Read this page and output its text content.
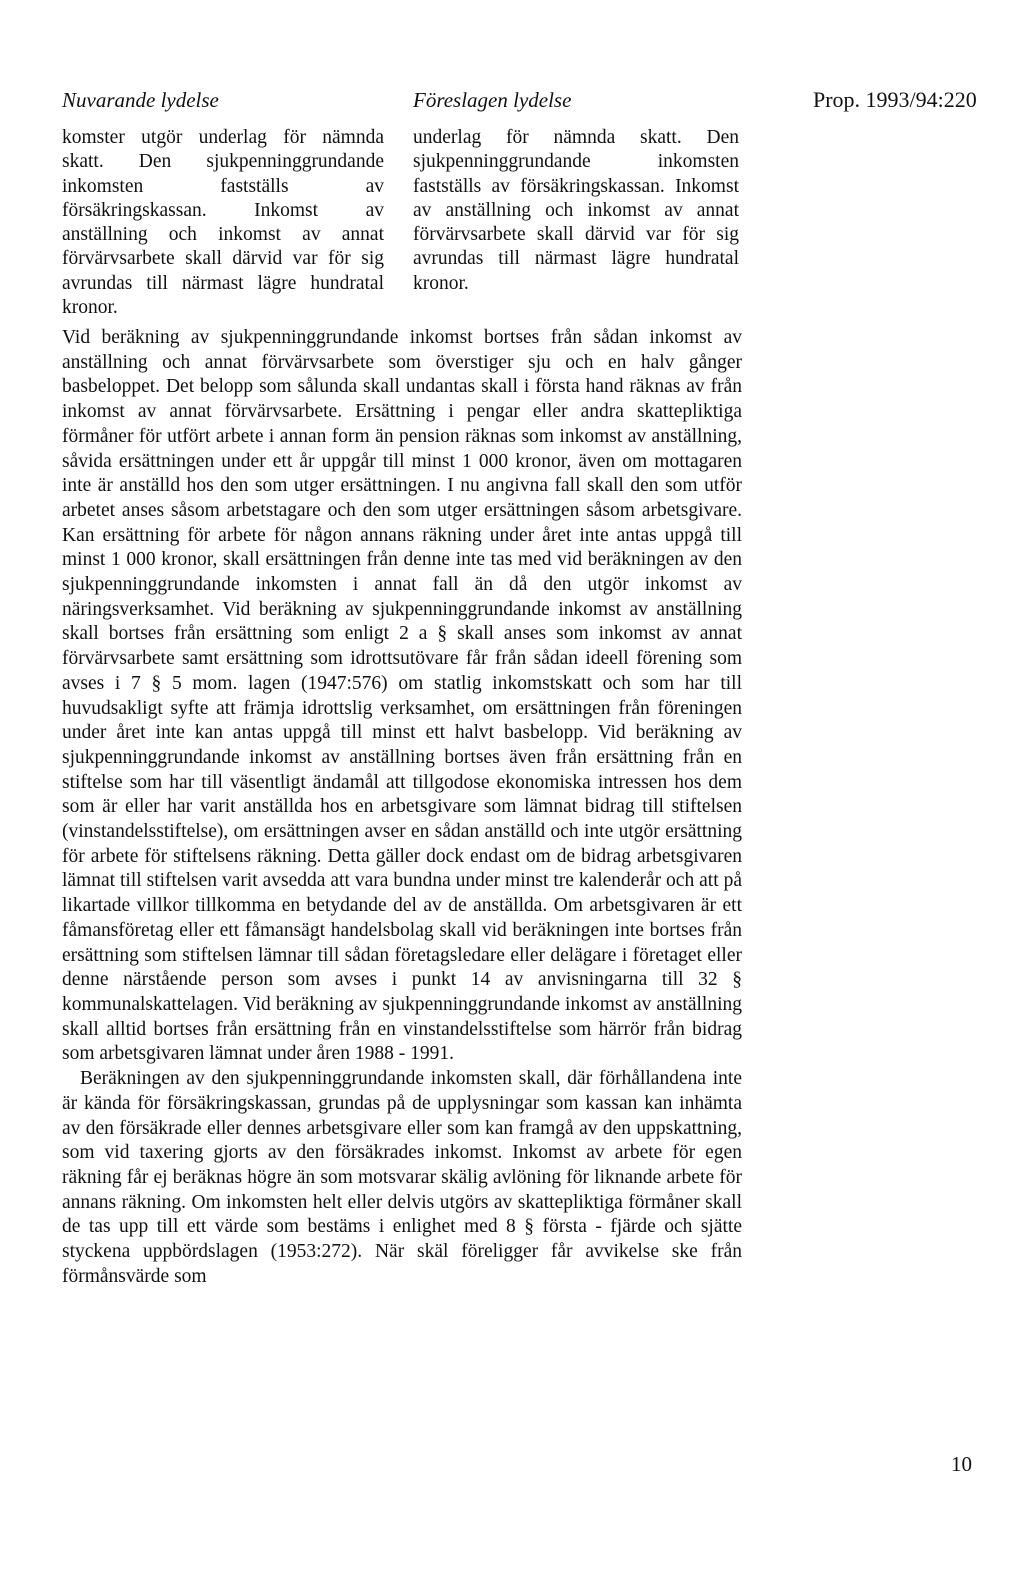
Nuvarande lydelse	Föreslagen lydelse	Prop. 1993/94:220
komster utgör underlag för nämnda skatt. Den sjukpenninggrundande inkomsten fastställs av försäkringskassan. Inkomst av anställning och inkomst av annat förvärvsarbete skall därvid var för sig avrundas till närmast lägre hundratal kronor.
underlag för nämnda skatt. Den sjukpenninggrundande inkomsten fastställs av försäkringskassan. Inkomst av anställning och inkomst av annat förvärvsarbete skall därvid var för sig avrundas till närmast lägre hundratal kronor.

Vid beräkning av sjukpenninggrundande inkomst bortses från sådan inkomst av anställning och annat förvärvsarbete som överstiger sju och en halv gånger basbeloppet. Det belopp som sålunda skall undantas skall i första hand räknas av från inkomst av annat förvärvsarbete. Ersättning i pengar eller andra skattepliktiga förmåner för utfört arbete i annan form än pension räknas som inkomst av anställning, såvida ersättningen under ett år uppgår till minst 1 000 kronor, även om mottagaren inte är anställd hos den som utger ersättningen. I nu angivna fall skall den som utför arbetet anses såsom arbetstagare och den som utger ersättningen såsom arbetsgivare. Kan ersättning för arbete för någon annans räkning under året inte antas uppgå till minst 1 000 kronor, skall ersättningen från denne inte tas med vid beräkningen av den sjukpenninggrundande inkomsten i annat fall än då den utgör inkomst av näringsverksamhet. Vid beräkning av sjukpenninggrundande inkomst av anställning skall bortses från ersättning som enligt 2 a § skall anses som inkomst av annat förvärvsarbete samt ersättning som idrottsutövare får från sådan ideell förening som avses i 7 § 5 mom. lagen (1947:576) om statlig inkomstskatt och som har till huvudsakligt syfte att främja idrottslig verksamhet, om ersättningen från föreningen under året inte kan antas uppgå till minst ett halvt basbelopp. Vid beräkning av sjukpenninggrundande inkomst av anställning bortses även från ersättning från en stiftelse som har till väsentligt ändamål att tillgodose ekonomiska intressen hos dem som är eller har varit anställda hos en arbetsgivare som lämnat bidrag till stiftelsen (vinstandelsstiftelse), om ersättningen avser en sådan anställd och inte utgör ersättning för arbete för stiftelsens räkning. Detta gäller dock endast om de bidrag arbetsgivaren lämnat till stiftelsen varit avsedda att vara bundna under minst tre kalenderår och att på likartade villkor tillkomma en betydande del av de anställda. Om arbetsgivaren är ett fåmansföretag eller ett fåmansägt handelsbolag skall vid beräkningen inte bortses från ersättning som stiftelsen lämnar till sådan företagsledare eller delägare i företaget eller denne närstående person som avses i punkt 14 av anvisningarna till 32 § kommunalskattelagen. Vid beräkning av sjukpenninggrundande inkomst av anställning skall alltid bortses från ersättning från en vinstandelsstiftelse som härrör från bidrag som arbetsgivaren lämnat under åren 1988 - 1991.

Beräkningen av den sjukpenninggrundande inkomsten skall, där förhållandena inte är kända för försäkringskassan, grundas på de upplysningar som kassan kan inhämta av den försäkrade eller dennes arbetsgivare eller som kan framgå av den uppskattning, som vid taxering gjorts av den försäkrades inkomst. Inkomst av arbete för egen räkning får ej beräknas högre än som motsvarar skälig avlöning för liknande arbete för annans räkning. Om inkomsten helt eller delvis utgörs av skattepliktiga förmåner skall de tas upp till ett värde som bestäms i enlighet med 8 § första - fjärde och sjätte styckena uppbördslagen (1953:272). När skäl föreligger får avvikelse ske från förmånsvärde som

10
